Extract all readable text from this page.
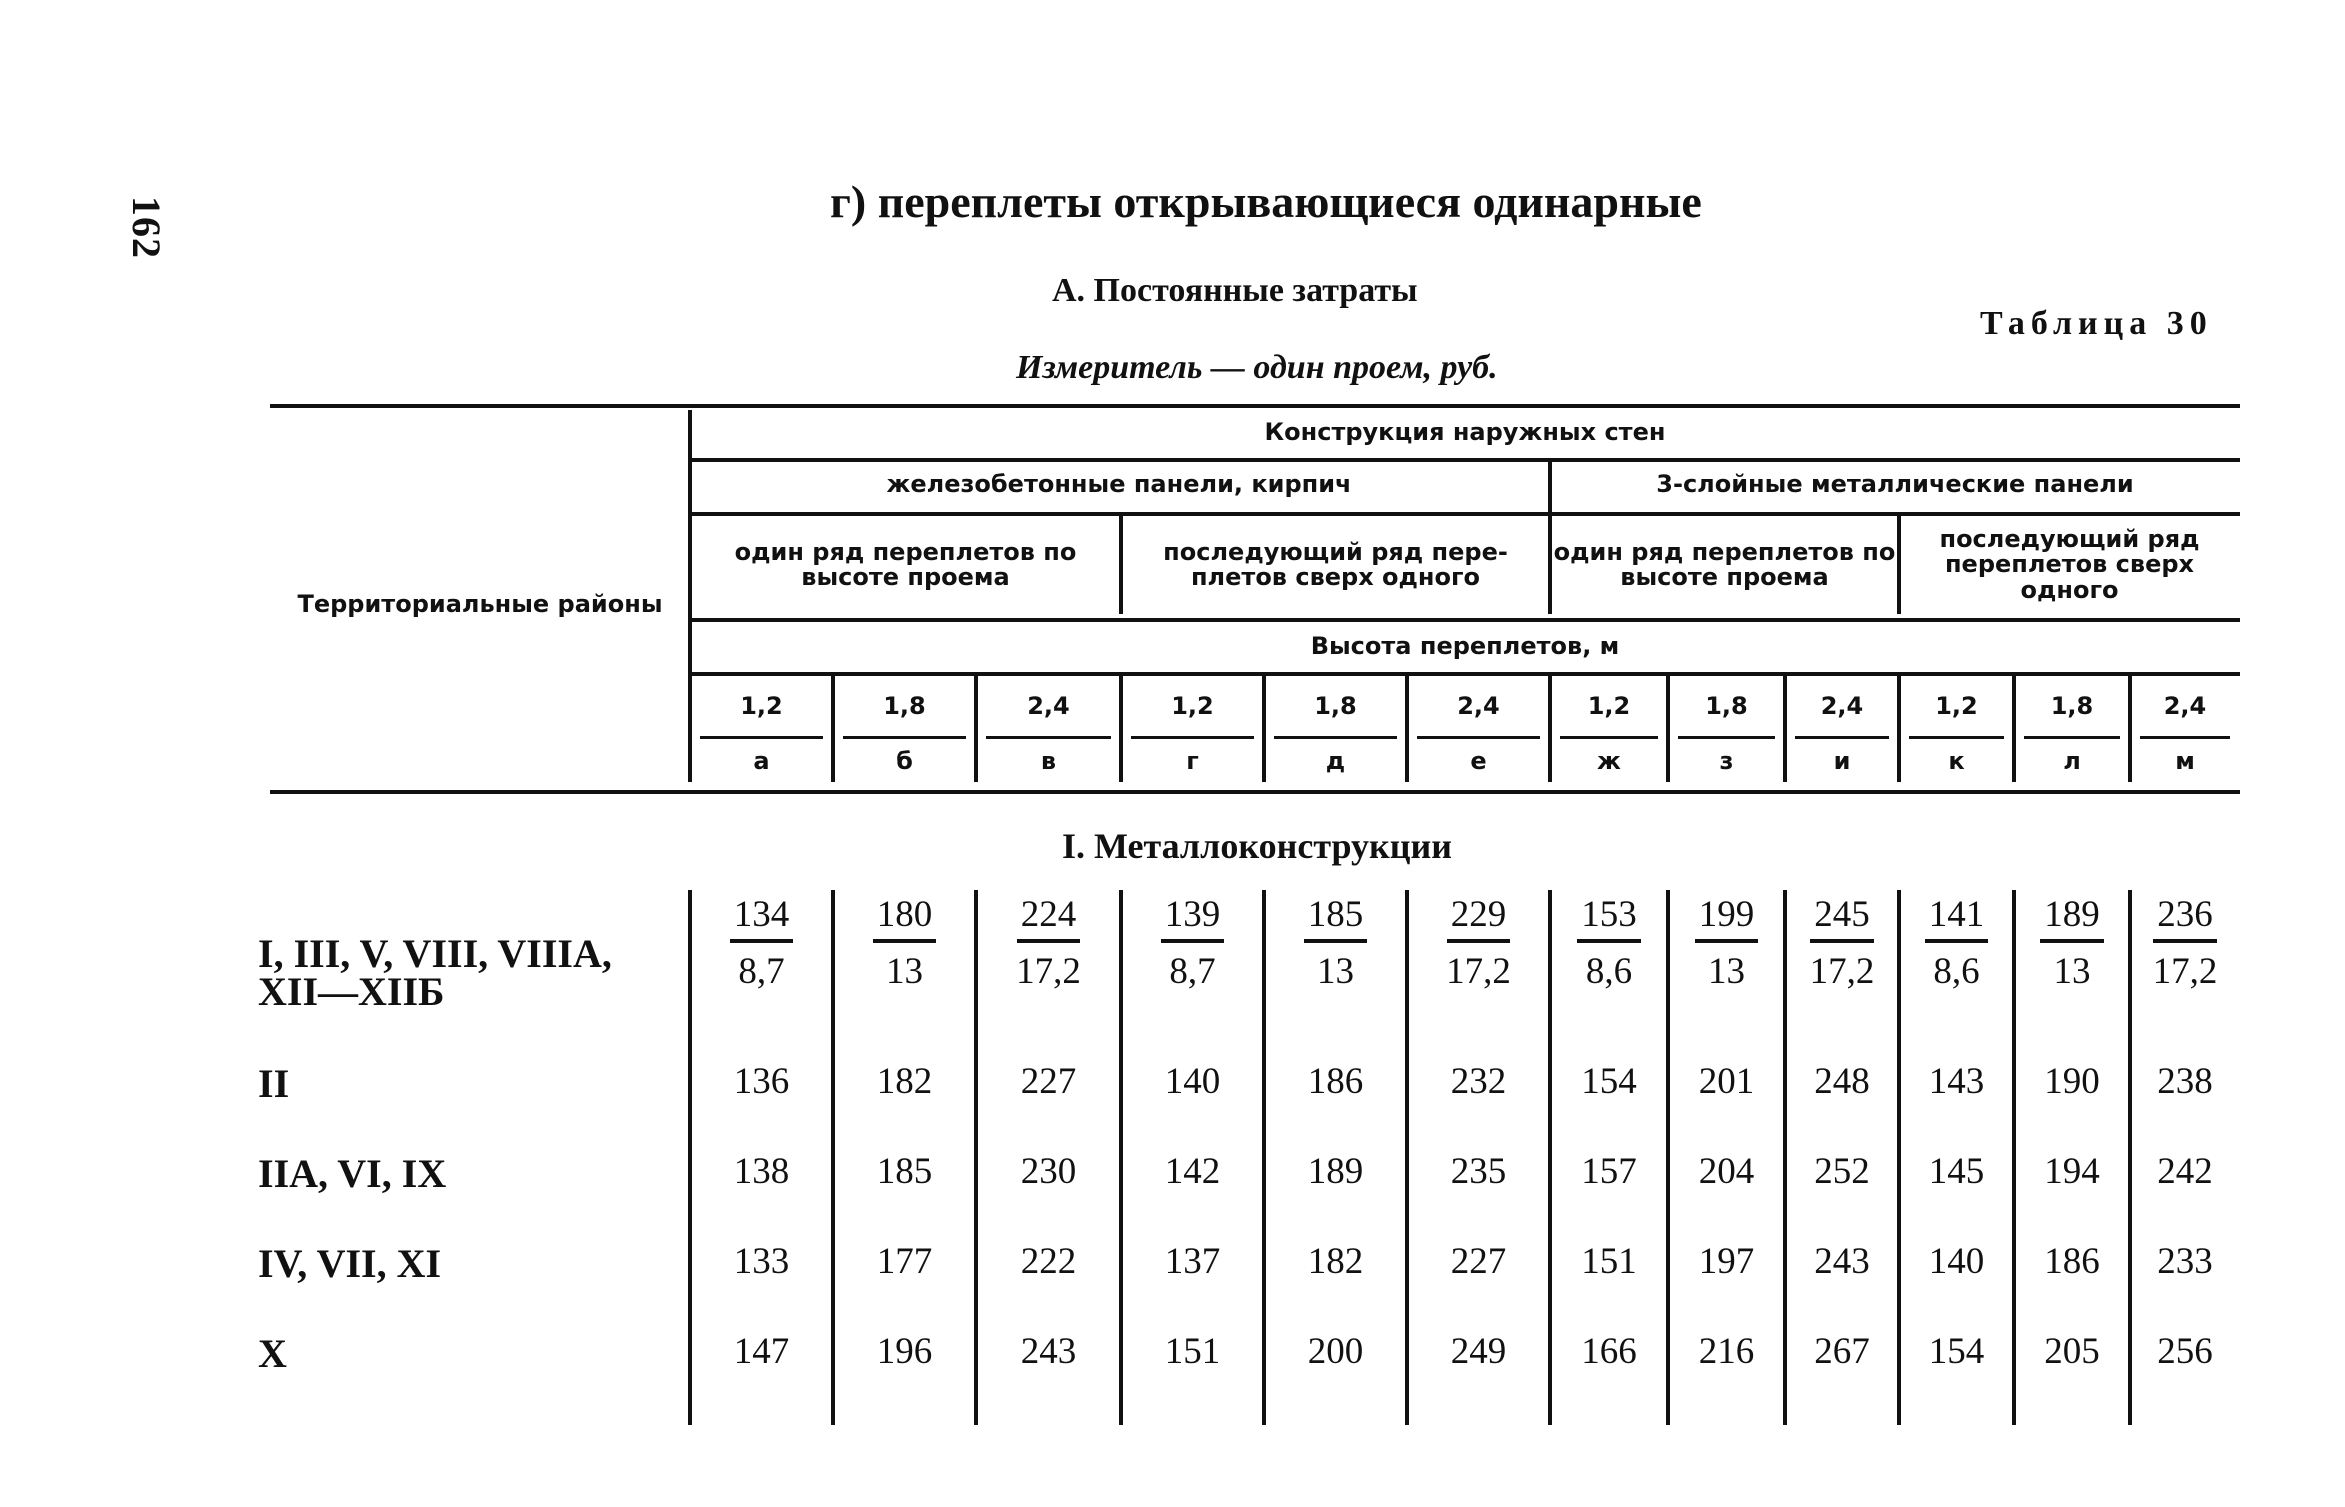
162	г) переплеты открывающиеся одинарные
А. Постоянные затраты
Таблица 30
Измеритель — один проем, руб.
Территориальные районы
Конструкция наружных стен
железобетонные панели, кирпич	3-слойные металлические панели
один ряд переплетов по высоте проема
последующий ряд пере-плетов сверх одного
один ряд переплетов по высоте проема
последующий ряд переплетов сверх одного
Высота переплетов, м
1,2	1,8	2,4	1,2	1,8	2,4	1,2	1,8	2,4	1,2	1,8	2,4
а	б	в	г	д	е	ж	з	и	к	л	м
I. Металлоконструкции
I, III, V, VIII, VIIIA,
XII—XIIБ	$\frac{134}{8,7} \frac{180}{13} \frac{224}{17,2} \frac{139}{8,7} \frac{185}{13} \frac{229}{17,2} \frac{153}{8,6} \frac{199}{13} \frac{245}{17,2} \frac{141}{8,6} \frac{189}{13} \frac{236}{17,2}$
II	136	182	227	140	186	232	154	201	248	143	190	238
IIA, VI, IX	138	185	230	142	189	235	157	204	252	145	194	242
IV, VII, XI	133	177	222	137	182	227	151	197	243	140	186	233
X	147	196	243	151	200	249	166	216	267	154	205	256
